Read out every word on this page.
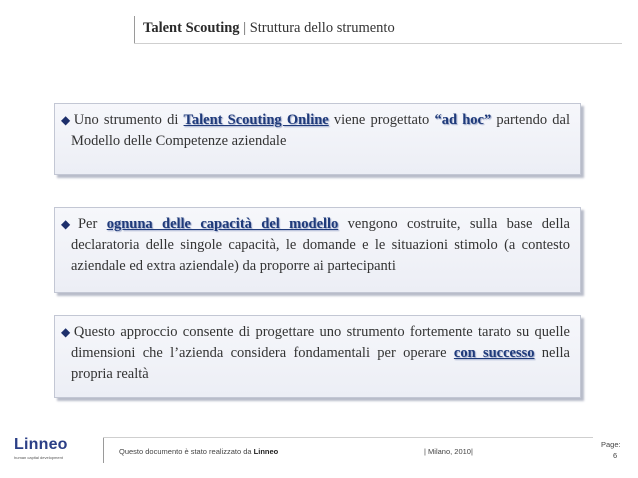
Talent Scouting | Struttura dello strumento
◆ Uno strumento di Talent Scouting Online viene progettato “ad hoc” partendo dal Modello delle Competenze aziendale
◆ Per ognuna delle capacità del modello vengono costruite, sulla base della declaratoria delle singole capacità, le domande e le situazioni stimolo (a contesto aziendale ed extra aziendale) da proporre ai partecipanti
◆ Questo approccio consente di progettare uno strumento fortemente tarato su quelle dimensioni che l’azienda considera fondamentali per operare con successo nella propria realtà
Linneo
human capital development
Questo documento è stato realizzato da Linneo	| Milano, 2010|
Page:
6
